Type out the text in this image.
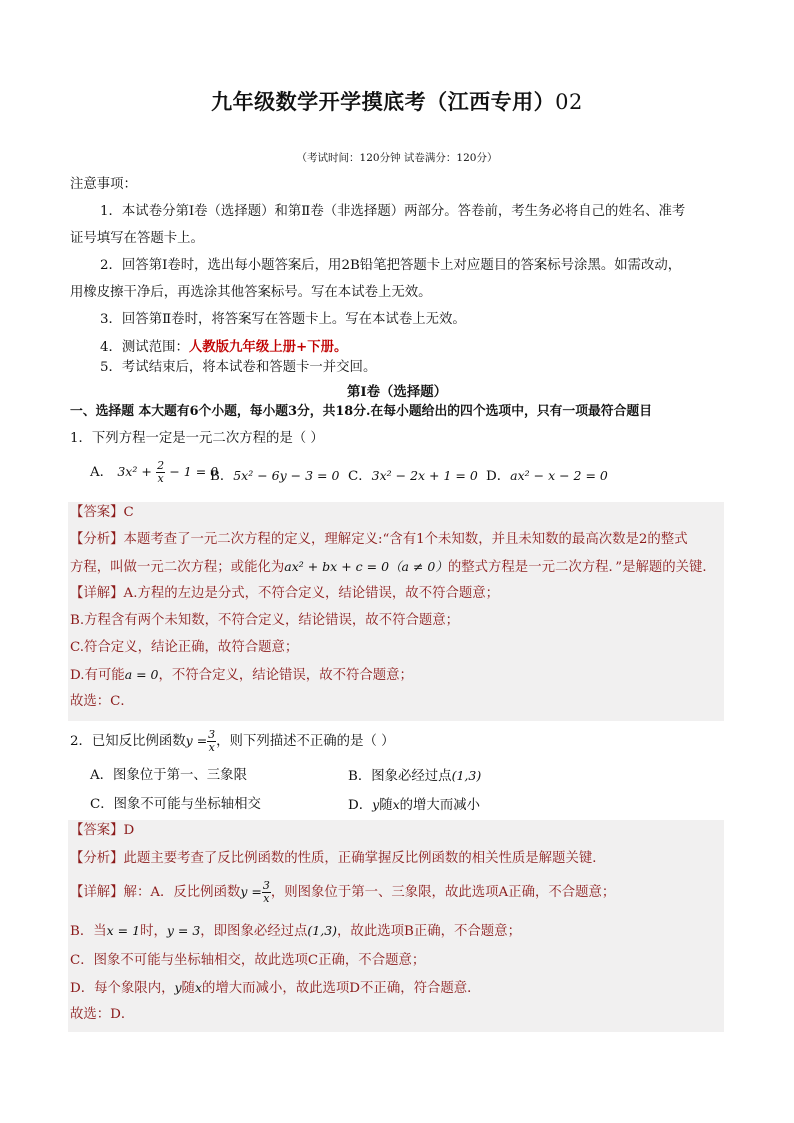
九年级数学开学摸底考（江西专用）02
（考试时间：120分钟 试卷满分：120分）
注意事项：
1．本试卷分第Ⅰ卷（选择题）和第Ⅱ卷（非选择题）两部分。答卷前，考生务必将自己的姓名、准考
证号填写在答题卡上。
2．回答第Ⅰ卷时，选出每小题答案后，用2B铅笔把答题卡上对应题目的答案标号涂黑。如需改动，
用橡皮擦干净后，再选涂其他答案标号。写在本试卷上无效。
3．回答第Ⅱ卷时，将答案写在答题卡上。写在本试卷上无效。
4．测试范围：人教版九年级上册+下册。
5．考试结束后，将本试卷和答题卡一并交回。
第Ⅰ卷（选择题）
一、选择题 本大题有6个小题，每小题3分，共18分.在每小题给出的四个选项中，只有一项最符合题目
1．下列方程一定是一元二次方程的是（ ）
A． $3x^2 + \frac{2}{x} - 1 = 0$
B．5x² − 6y − 3 = 0 C．3x² − 2x + 1 = 0 D．ax² − x − 2 = 0
【答案】C
【分析】本题考查了一元二次方程的定义，理解定义:“含有1个未知数，并且未知数的最高次数是2的整式
方程，叫做一元二次方程；或能化为ax² + bx + c = 0（a ≠ 0）的整式方程是一元二次方程．”是解题的关键．
【详解】A.方程的左边是分式，不符合定义，结论错误，故不符合题意；
B.方程含有两个未知数，不符合定义，结论错误，故不符合题意；
C.符合定义，结论正确，故符合题意；
D.有可能a = 0，不符合定义，结论错误，故不符合题意；
故选：C．
2．已知反比例函数$y = \frac{3}{x}$ ，则下列描述不正确的是（ ）
A．图象位于第一、三象限	B．图象必经过点(1,3)
C．图象不可能与坐标轴相交	D．y随x的增大而减小
【答案】D
【分析】此题主要考查了反比例函数的性质，正确掌握反比例函数的相关性质是解题关键．
【详解】解：A．反比例函数$y = \frac{3}{x}$ ，则图象位于第一、三象限，故此选项A正确，不合题意；
B．当x = 1时，y = 3，即图象必经过点(1,3)，故此选项B正确，不合题意；
C．图象不可能与坐标轴相交，故此选项C正确，不合题意；
D．每个象限内，y随x的增大而减小，故此选项D不正确，符合题意．
故选：D．
